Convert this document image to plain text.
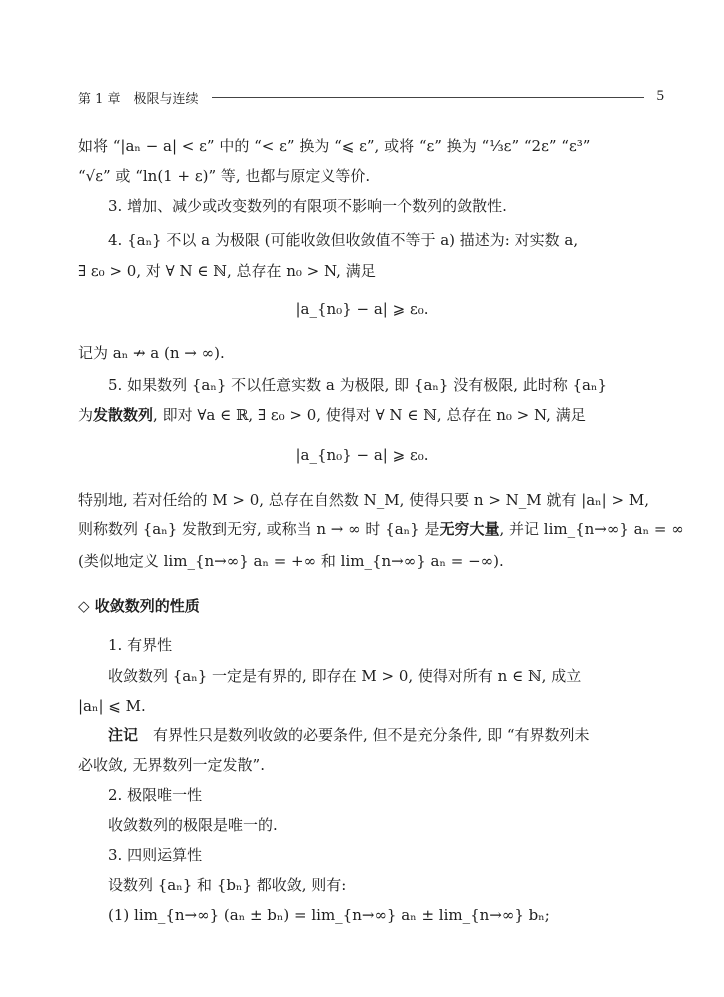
第 1 章　极限与连续	5
如将 “|aₙ − a| < ε” 中的 “< ε” 换为 “⩽ ε”, 或将 “ε” 换为 “⅓ε” “2ε” “ε³”
“√ε” 或 “ln(1 + ε)” 等, 也都与原定义等价.
3. 增加、减少或改变数列的有限项不影响一个数列的敛散性.
4. {aₙ} 不以 a 为极限 (可能收敛但收敛值不等于 a) 描述为: 对实数 a,
∃ ε₀ > 0, 对 ∀ N ∈ ℕ, 总存在 n₀ > N, 满足
|a_{n₀} − a| ⩾ ε₀.
记为 aₙ ↛ a (n → ∞).
5. 如果数列 {aₙ} 不以任意实数 a 为极限, 即 {aₙ} 没有极限, 此时称 {aₙ}
为发散数列, 即对 ∀a ∈ ℝ, ∃ ε₀ > 0, 使得对 ∀ N ∈ ℕ, 总存在 n₀ > N, 满足
|a_{n₀} − a| ⩾ ε₀.
特别地, 若对任给的 M > 0, 总存在自然数 N_M, 使得只要 n > N_M 就有 |aₙ| > M,
则称数列 {aₙ} 发散到无穷, 或称当 n → ∞ 时 {aₙ} 是无穷大量, 并记 lim_{n→∞} aₙ = ∞
(类似地定义 lim_{n→∞} aₙ = +∞ 和 lim_{n→∞} aₙ = −∞).
◇ 收敛数列的性质
1. 有界性
收敛数列 {aₙ} 一定是有界的, 即存在 M > 0, 使得对所有 n ∈ ℕ, 成立
|aₙ| ⩽ M.
注记　有界性只是数列收敛的必要条件, 但不是充分条件, 即 “有界数列未
必收敛, 无界数列一定发散”.
2. 极限唯一性
收敛数列的极限是唯一的.
3. 四则运算性
设数列 {aₙ} 和 {bₙ} 都收敛, 则有:
(1) lim_{n→∞} (aₙ ± bₙ) = lim_{n→∞} aₙ ± lim_{n→∞} bₙ;
